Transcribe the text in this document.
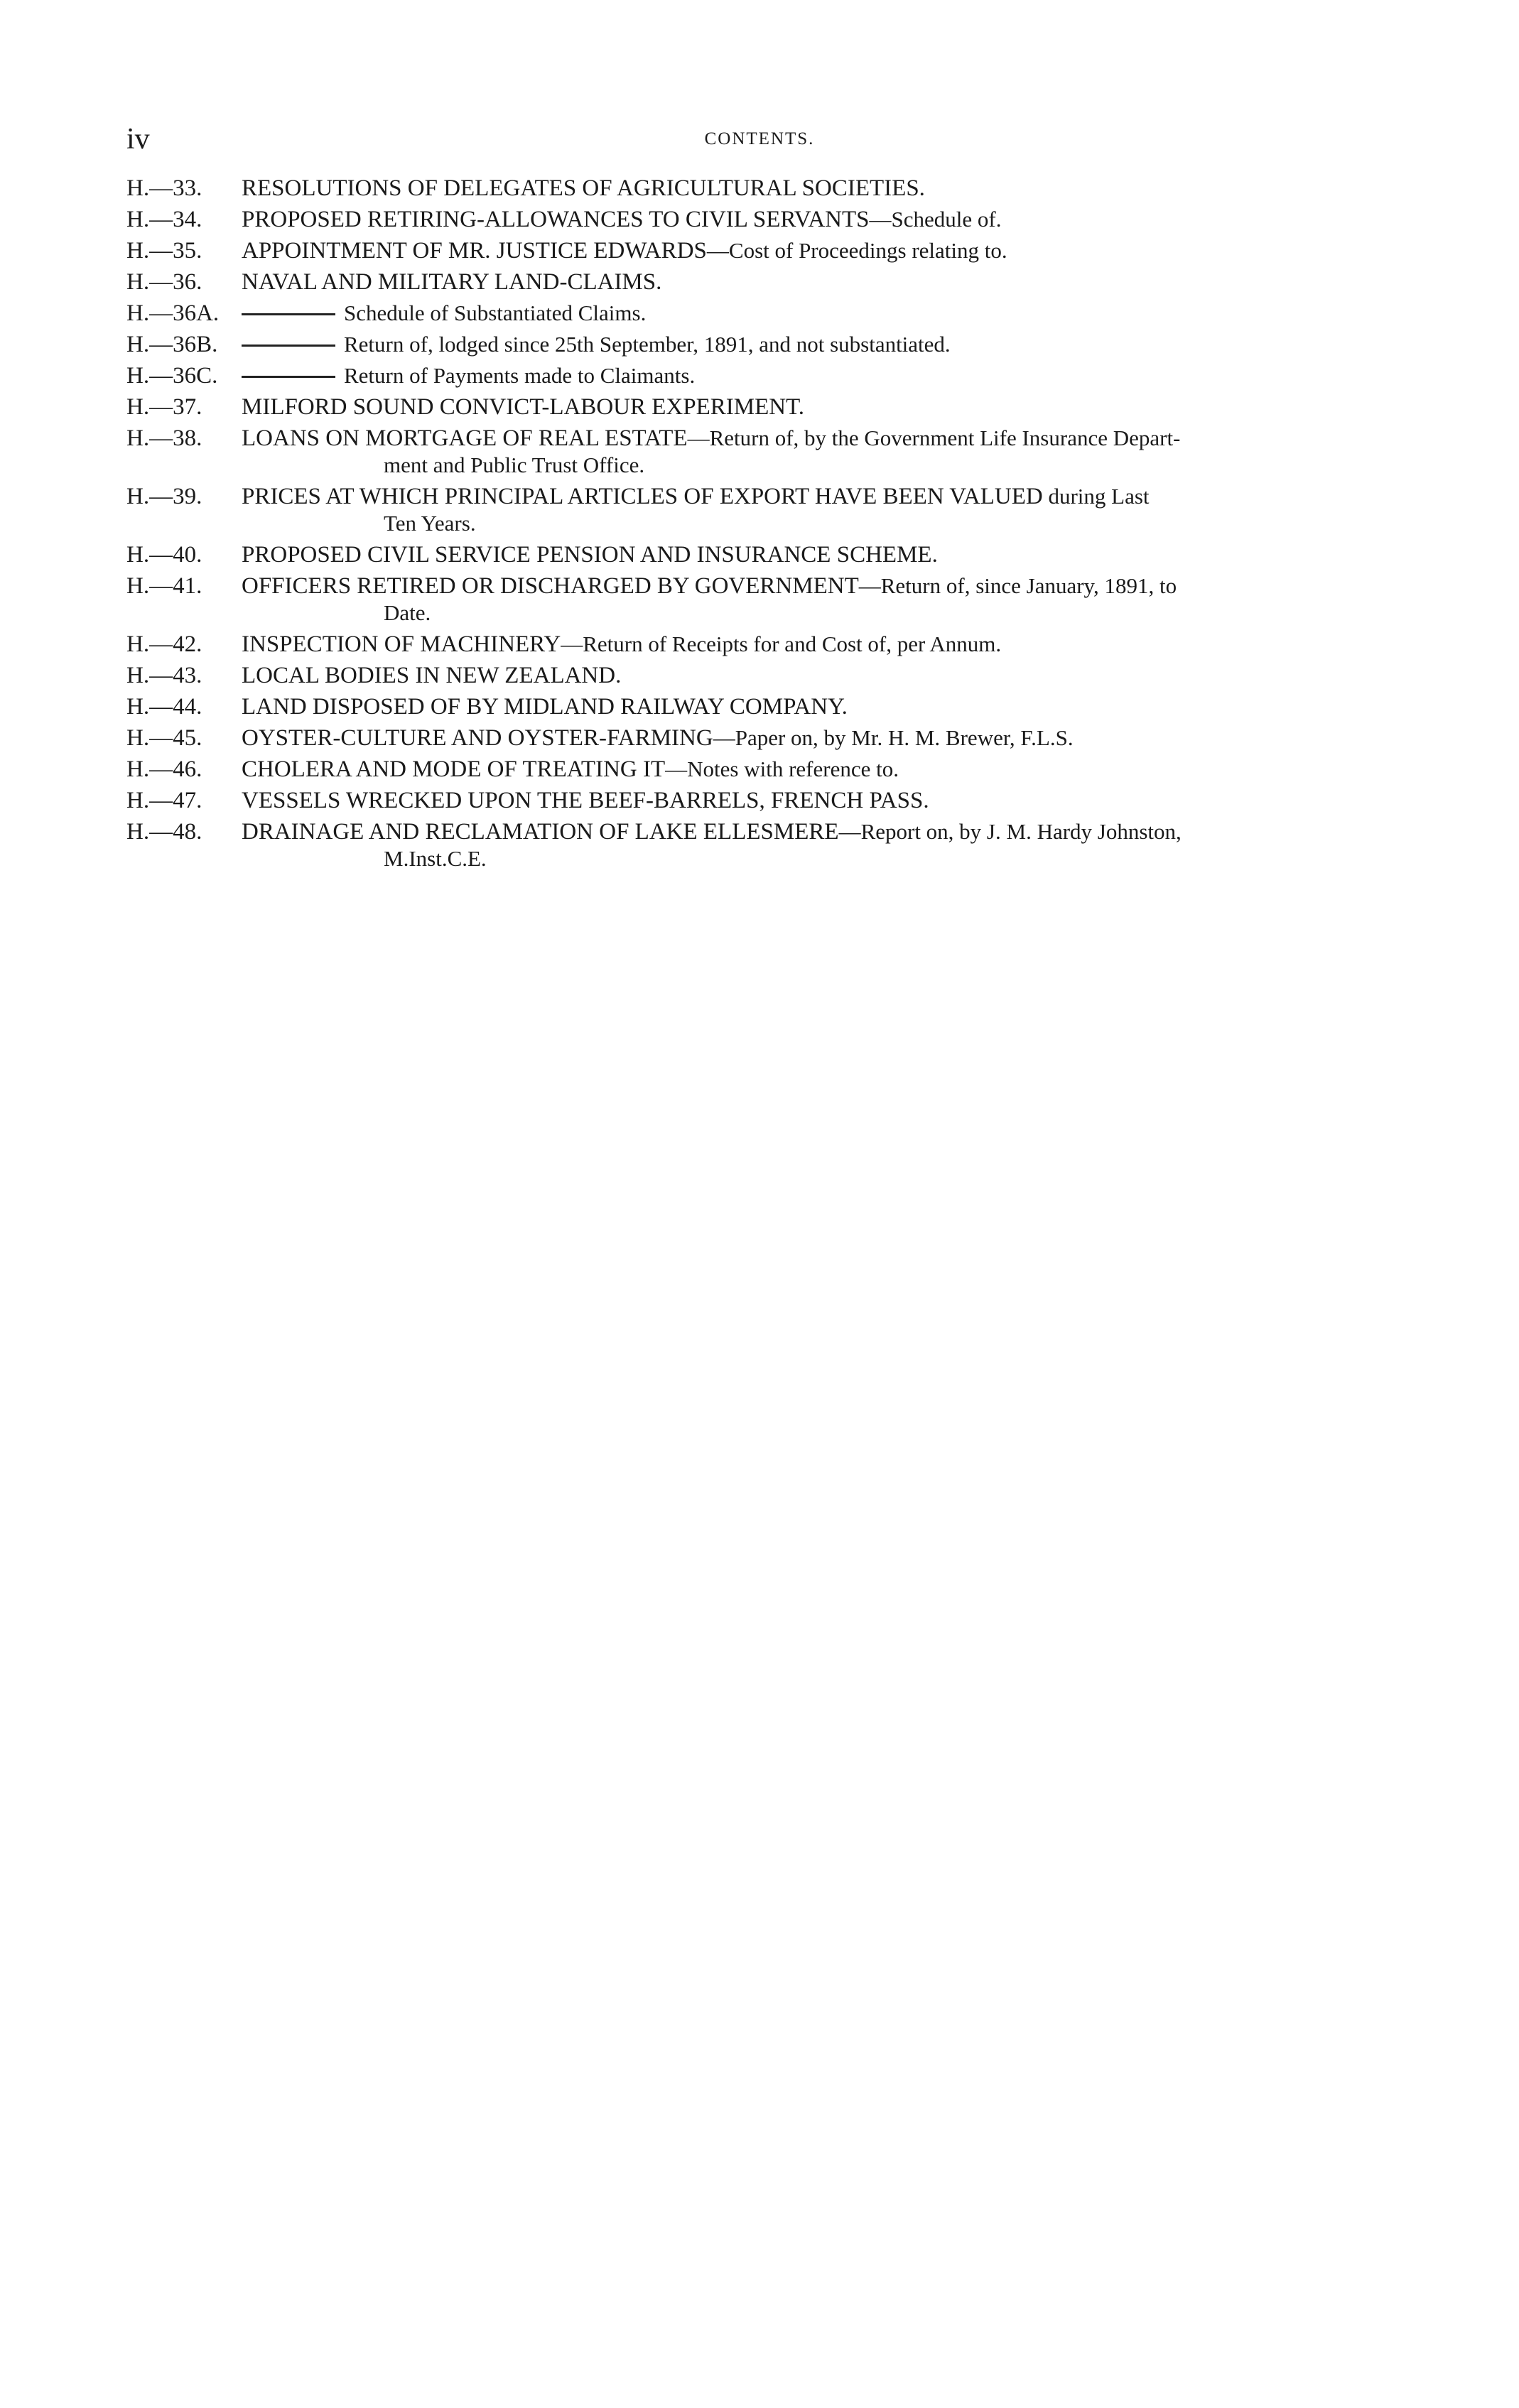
iv	CONTENTS.
H.—33.	RESOLUTIONS OF DELEGATES OF AGRICULTURAL SOCIETIES.
H.—34.	PROPOSED RETIRING-ALLOWANCES TO CIVIL SERVANTS—Schedule of.
H.—35.	APPOINTMENT OF MR. JUSTICE EDWARDS—Cost of Proceedings relating to.
H.—36.	NAVAL AND MILITARY LAND-CLAIMS.
H.—36A.	Schedule of Substantiated Claims.
H.—36B.	Return of, lodged since 25th September, 1891, and not substantiated.
H.—36C.	Return of Payments made to Claimants.
H.—37.	MILFORD SOUND CONVICT-LABOUR EXPERIMENT.
H.—38.	LOANS ON MORTGAGE OF REAL ESTATE—Return of, by the Government Life Insurance Depart-
ment and Public Trust Office.
H.—39.	PRICES AT WHICH PRINCIPAL ARTICLES OF EXPORT HAVE BEEN VALUED during Last
Ten Years.
H.—40.	PROPOSED CIVIL SERVICE PENSION AND INSURANCE SCHEME.
H.—41.	OFFICERS RETIRED OR DISCHARGED BY GOVERNMENT—Return of, since January, 1891, to
Date.
H.—42.	INSPECTION OF MACHINERY—Return of Receipts for and Cost of, per Annum.
H.—43.	LOCAL BODIES IN NEW ZEALAND.
H.—44.	LAND DISPOSED OF BY MIDLAND RAILWAY COMPANY.
H.—45.	OYSTER-CULTURE AND OYSTER-FARMING—Paper on, by Mr. H. M. Brewer, F.L.S.
H.—46.	CHOLERA AND MODE OF TREATING IT—Notes with reference to.
H.—47.	VESSELS WRECKED UPON THE BEEF-BARRELS, FRENCH PASS.
H.—48.	DRAINAGE AND RECLAMATION OF LAKE ELLESMERE—Report on, by J. M. Hardy Johnston,
M.Inst.C.E.
